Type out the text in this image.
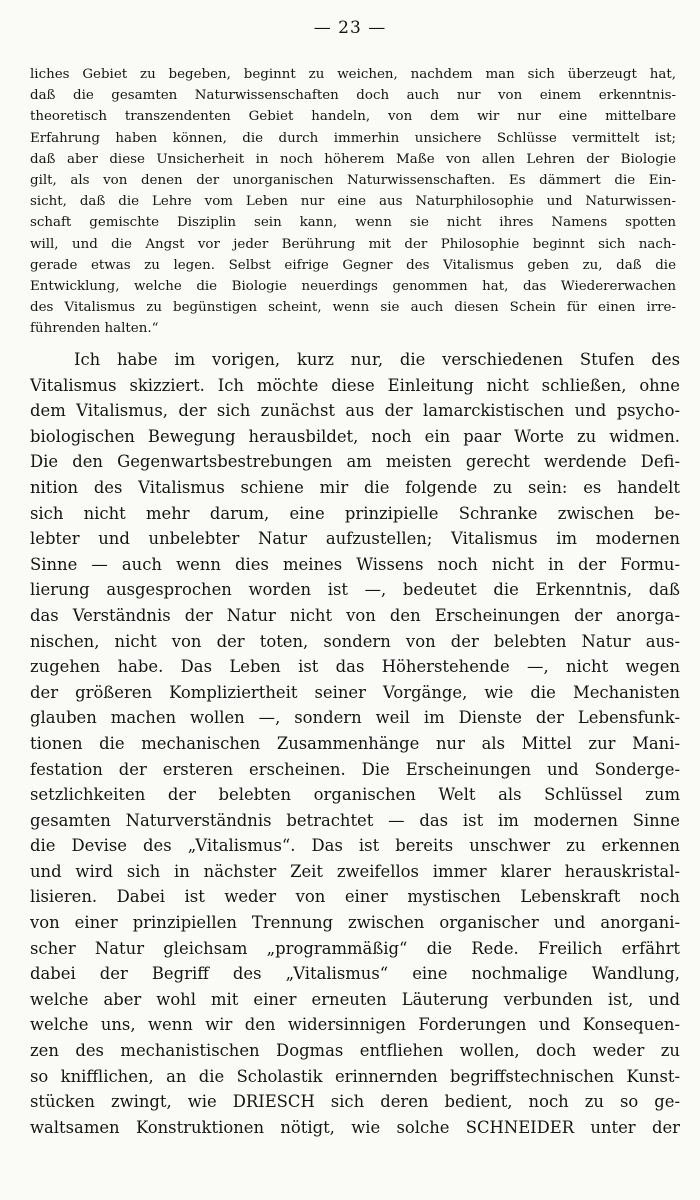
— 23 —
liches Gebiet zu begeben, beginnt zu weichen, nachdem man sich überzeugt hat,
daß die gesamten Naturwissenschaften doch auch nur von einem erkenntnis-
theoretisch transzendenten Gebiet handeln, von dem wir nur eine mittelbare
Erfahrung haben können, die durch immerhin unsichere Schlüsse vermittelt ist;
daß aber diese Unsicherheit in noch höherem Maße von allen Lehren der Biologie
gilt, als von denen der unorganischen Naturwissenschaften. Es dämmert die Ein-
sicht, daß die Lehre vom Leben nur eine aus Naturphilosophie und Naturwissen-
schaft gemischte Disziplin sein kann, wenn sie nicht ihres Namens spotten
will, und die Angst vor jeder Berührung mit der Philosophie beginnt sich nach-
gerade etwas zu legen. Selbst eifrige Gegner des Vitalismus geben zu, daß die
Entwicklung, welche die Biologie neuerdings genommen hat, das Wiedererwachen
des Vitalismus zu begünstigen scheint, wenn sie auch diesen Schein für einen irre-
führenden halten.“
Ich habe im vorigen, kurz nur, die verschiedenen Stufen des
Vitalismus skizziert. Ich möchte diese Einleitung nicht schließen, ohne
dem Vitalismus, der sich zunächst aus der lamarckistischen und psycho-
biologischen Bewegung herausbildet, noch ein paar Worte zu widmen.
Die den Gegenwartsbestrebungen am meisten gerecht werdende Defi-
nition des Vitalismus schiene mir die folgende zu sein: es handelt
sich nicht mehr darum, eine prinzipielle Schranke zwischen be-
lebter und unbelebter Natur aufzustellen; Vitalismus im modernen
Sinne — auch wenn dies meines Wissens noch nicht in der Formu-
lierung ausgesprochen worden ist —, bedeutet die Erkenntnis, daß
das Verständnis der Natur nicht von den Erscheinungen der anorga-
nischen, nicht von der toten, sondern von der belebten Natur aus-
zugehen habe. Das Leben ist das Höherstehende —, nicht wegen
der größeren Kompliziertheit seiner Vorgänge, wie die Mechanisten
glauben machen wollen —, sondern weil im Dienste der Lebensfunk-
tionen die mechanischen Zusammenhänge nur als Mittel zur Mani-
festation der ersteren erscheinen. Die Erscheinungen und Sonderge-
setzlichkeiten der belebten organischen Welt als Schlüssel zum
gesamten Naturverständnis betrachtet — das ist im modernen Sinne
die Devise des „Vitalismus“. Das ist bereits unschwer zu erkennen
und wird sich in nächster Zeit zweifellos immer klarer herauskristal-
lisieren. Dabei ist weder von einer mystischen Lebenskraft noch
von einer prinzipiellen Trennung zwischen organischer und anorgani-
scher Natur gleichsam „programmäßig“ die Rede. Freilich erfährt
dabei der Begriff des „Vitalismus“ eine nochmalige Wandlung,
welche aber wohl mit einer erneuten Läuterung verbunden ist, und
welche uns, wenn wir den widersinnigen Forderungen und Konsequen-
zen des mechanistischen Dogmas entfliehen wollen, doch weder zu
so knifflichen, an die Scholastik erinnernden begriffstechnischen Kunst-
stücken zwingt, wie DRIESCH sich deren bedient, noch zu so ge-
waltsamen Konstruktionen nötigt, wie solche SCHNEIDER unter der
